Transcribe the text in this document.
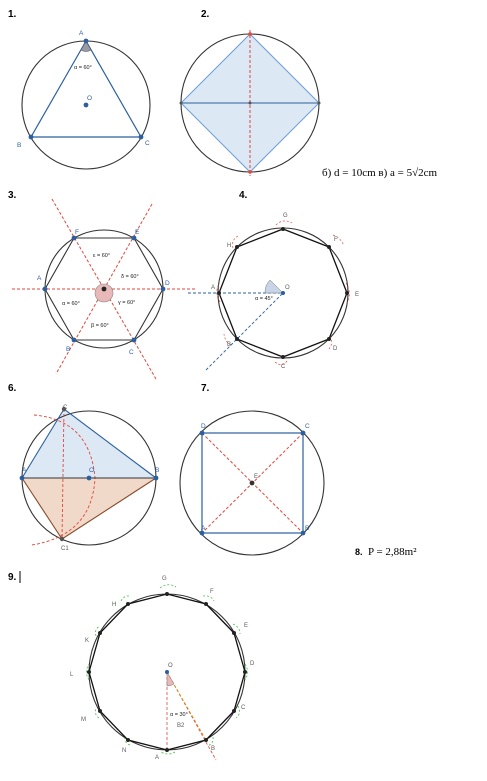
1.
A
B	C
O
α = 60°
2.
б) d = 10cm в) a = 5√2cm
3.
A
B	C
D
E
F
ε = 60°
δ = 60°
γ = 60°
β = 60°
α = 60°
4.
A
B
C
D
E
F
G
H
O
α = 45°
6.
A	B
C
C1
O
7.
A	B
C
D
E
8. P = 2,88m²
9.
A
B
C
D
E
F
G
H
K
L
M
N
O
α = 30°
B2
